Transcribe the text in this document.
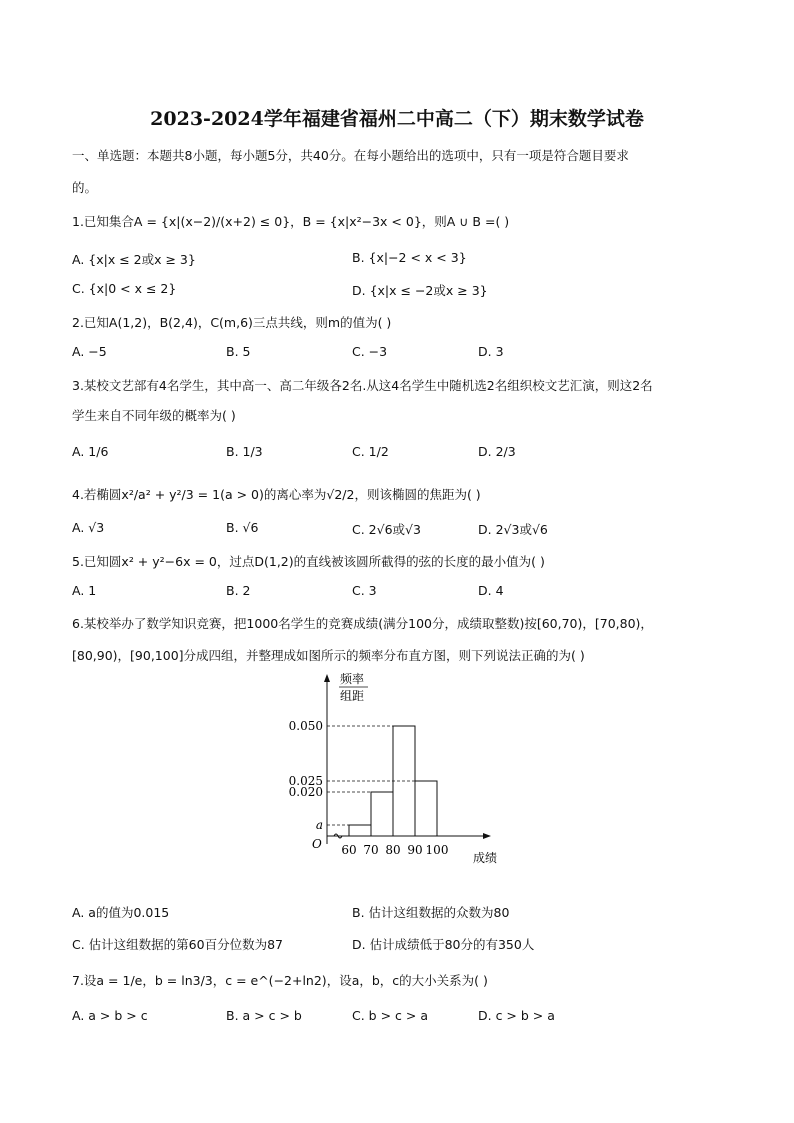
2023-2024学年福建省福州二中高二（下）期末数学试卷
一、单选题：本题共8小题，每小题5分，共40分。在每小题给出的选项中，只有一项是符合题目要求
的。
1.已知集合A = {x|(x−2)/(x+2) ≤ 0}，B = {x|x²−3x < 0}，则A ∪ B =( )
A. {x|x ≤ 2或x ≥ 3}	B. {x|−2 < x < 3}
C. {x|0 < x ≤ 2}	D. {x|x ≤ −2或x ≥ 3}
2.已知A(1,2)，B(2,4)，C(m,6)三点共线，则m的值为( )
A. −5	B. 5	C. −3	D. 3
3.某校文艺部有4名学生，其中高一、高二年级各2名.从这4名学生中随机选2名组织校文艺汇演，则这2名
学生来自不同年级的概率为( )
A. 1/6	B. 1/3	C. 1/2	D. 2/3
4.若椭圆x²/a² + y²/3 = 1(a > 0)的离心率为√2/2，则该椭圆的焦距为( )
A. √3	B. √6	C. 2√6或√3	D. 2√3或√6
5.已知圆x² + y²−6x = 0，过点D(1,2)的直线被该圆所截得的弦的长度的最小值为( )
A. 1	B. 2	C. 3	D. 4
6.某校举办了数学知识竞赛，把1000名学生的竞赛成绩(满分100分，成绩取整数)按[60,70)，[70,80)，
[80,90)，[90,100]分成四组，并整理成如图所示的频率分布直方图，则下列说法正确的为( )
频率
组距
O
成绩
a
0.020
0.025
0.050
60 70 80 90 100
A. a的值为0.015	B. 估计这组数据的众数为80
C. 估计这组数据的第60百分位数为87	D. 估计成绩低于80分的有350人
7.设a = 1/e，b = ln3/3，c = e^(−2+ln2)，设a，b，c的大小关系为( )
A. a > b > c	B. a > c > b	C. b > c > a	D. c > b > a
